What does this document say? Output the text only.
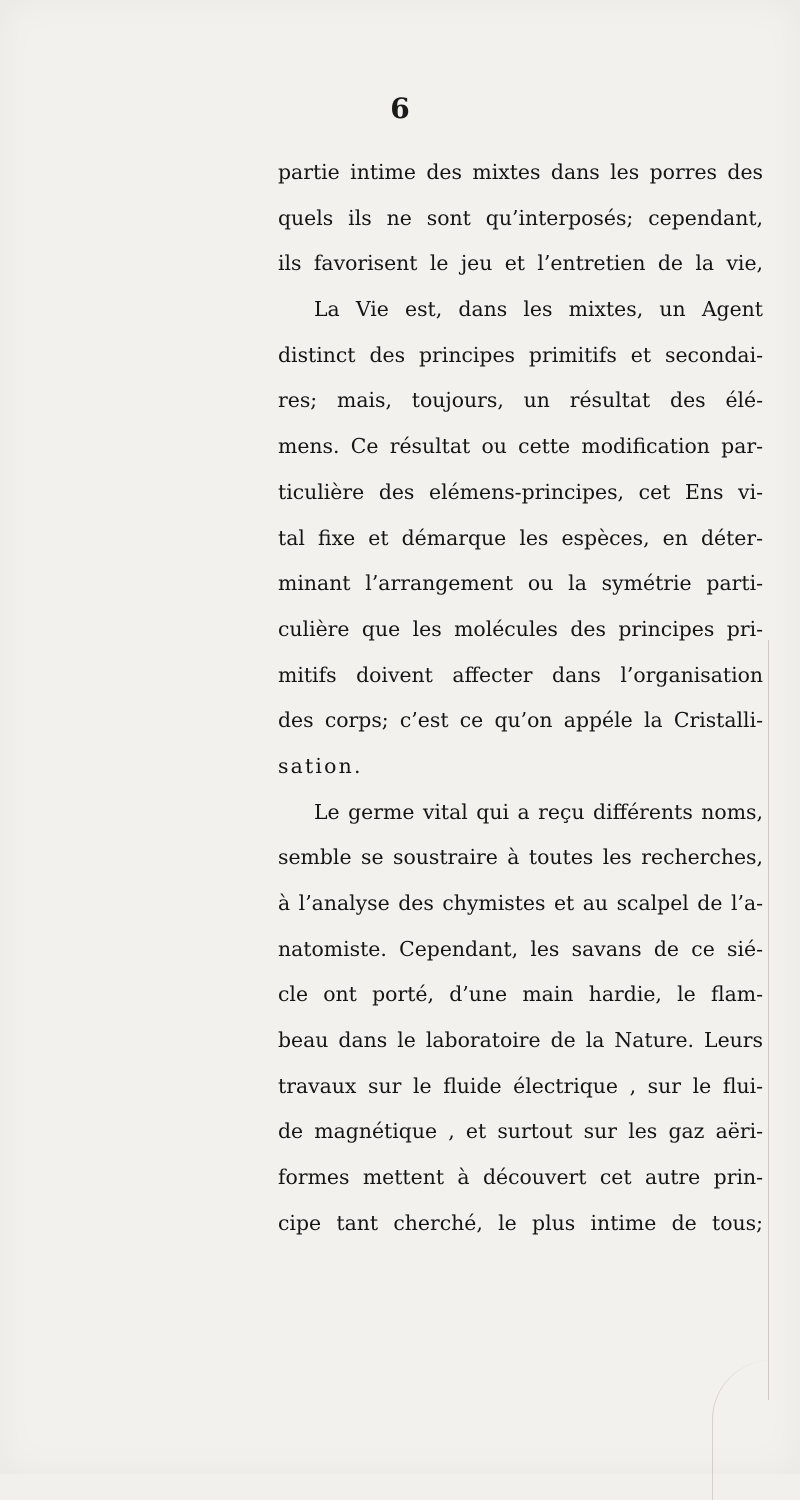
6
partie intime des mixtes dans les porres des
quels ils ne sont qu’interposés; cependant,
ils favorisent le jeu et l’entretien de la vie,
La Vie est, dans les mixtes, un Agent
distinct des principes primitifs et secondai-
res; mais, toujours, un résultat des élé-
mens. Ce résultat ou cette modification par-
ticulière des elémens-principes, cet Ens vi-
tal fixe et démarque les espèces, en déter-
minant l’arrangement ou la symétrie parti-
culière que les molécules des principes pri-
mitifs doivent affecter dans l’organisation
des corps; c’est ce qu’on appéle la Cristalli-
sation.
Le germe vital qui a reçu différents noms,
semble se soustraire à toutes les recherches,
à l’analyse des chymistes et au scalpel de l’a-
natomiste. Cependant, les savans de ce sié-
cle ont porté, d’une main hardie, le flam-
beau dans le laboratoire de la Nature. Leurs
travaux sur le fluide électrique , sur le flui-
de magnétique , et surtout sur les gaz aëri-
formes mettent à découvert cet autre prin-
cipe tant cherché, le plus intime de tous;
